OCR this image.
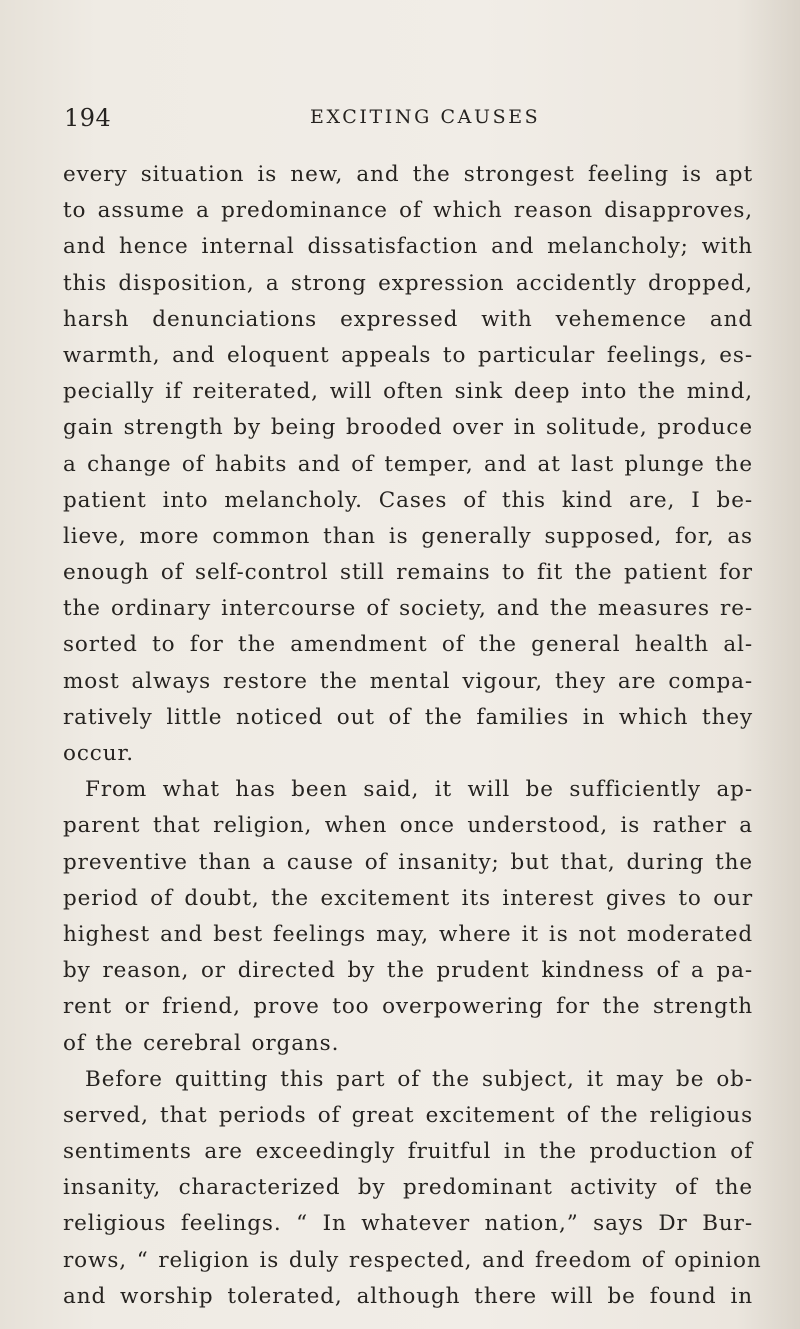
194	EXCITING CAUSES
every situation is new, and the strongest feeling is apt
to assume a predominance of which reason disapproves,
and hence internal dissatisfaction and melancholy; with
this disposition, a strong expression accidently dropped,
harsh denunciations expressed with vehemence and
warmth, and eloquent appeals to particular feelings, es-
pecially if reiterated, will often sink deep into the mind,
gain strength by being brooded over in solitude, produce
a change of habits and of temper, and at last plunge the
patient into melancholy. Cases of this kind are, I be-
lieve, more common than is generally supposed, for, as
enough of self-control still remains to fit the patient for
the ordinary intercourse of society, and the measures re-
sorted to for the amendment of the general health al-
most always restore the mental vigour, they are compa-
ratively little noticed out of the families in which they
occur.
From what has been said, it will be sufficiently ap-
parent that religion, when once understood, is rather a
preventive than a cause of insanity; but that, during the
period of doubt, the excitement its interest gives to our
highest and best feelings may, where it is not moderated
by reason, or directed by the prudent kindness of a pa-
rent or friend, prove too overpowering for the strength
of the cerebral organs.
Before quitting this part of the subject, it may be ob-
served, that periods of great excitement of the religious
sentiments are exceedingly fruitful in the production of
insanity, characterized by predominant activity of the
religious feelings. “ In whatever nation,” says Dr Bur-
rows, “ religion is duly respected, and freedom of opinion
and worship tolerated, although there will be found in
